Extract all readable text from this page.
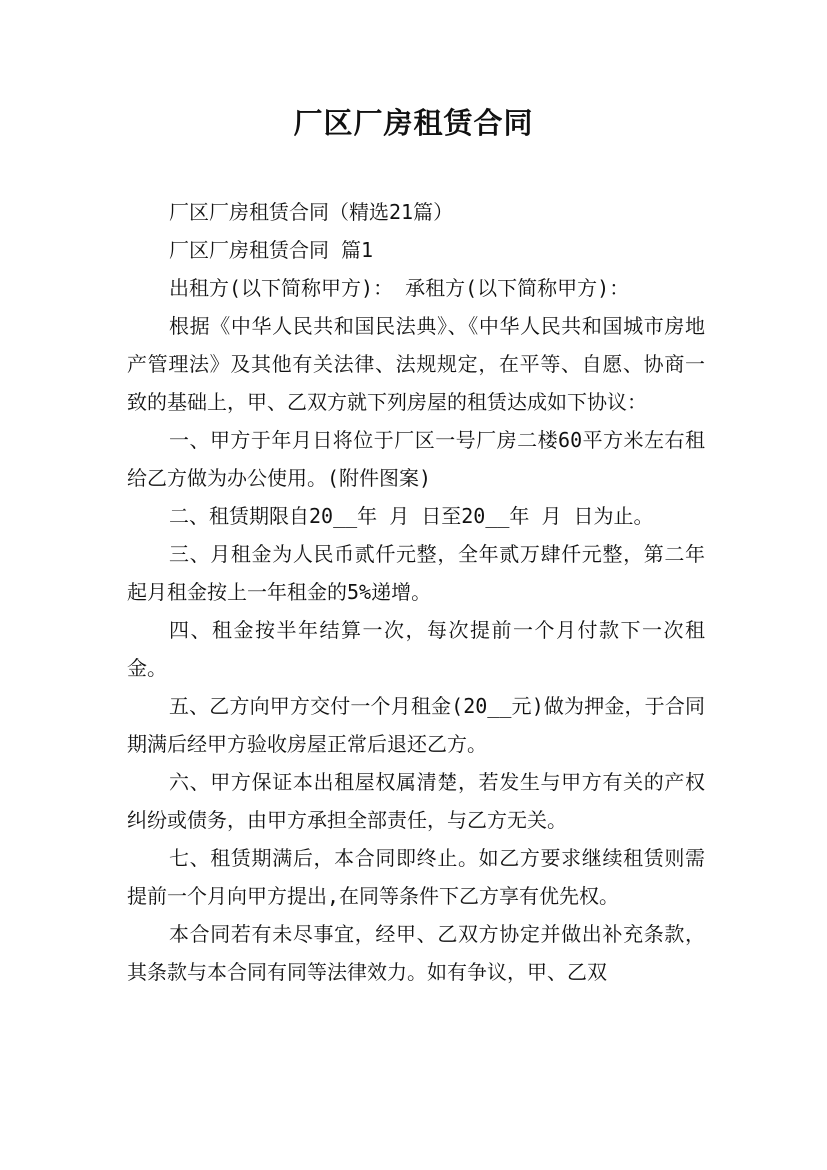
厂区厂房租赁合同

厂区厂房租赁合同（精选21篇）

厂区厂房租赁合同 篇1

出租方(以下简称甲方)： 承租方(以下简称甲方)：

根据《中华人民共和国民法典》、《中华人民共和国城市房地产管理法》及其他有关法律、法规规定，在平等、自愿、协商一致的基础上，甲、乙双方就下列房屋的租赁达成如下协议：

一、甲方于年月日将位于厂区一号厂房二楼60平方米左右租给乙方做为办公使用。(附件图案)

二、租赁期限自20__年 月 日至20__年 月 日为止。

三、月租金为人民币贰仟元整，全年贰万肆仟元整，第二年起月租金按上一年租金的5%递增。

四、租金按半年结算一次，每次提前一个月付款下一次租金。

五、乙方向甲方交付一个月租金(20__元)做为押金，于合同期满后经甲方验收房屋正常后退还乙方。

六、甲方保证本出租屋权属清楚，若发生与甲方有关的产权纠纷或债务，由甲方承担全部责任，与乙方无关。

七、租赁期满后，本合同即终止。如乙方要求继续租赁则需提前一个月向甲方提出,在同等条件下乙方享有优先权。

本合同若有未尽事宜，经甲、乙双方协定并做出补充条款，其条款与本合同有同等法律效力。如有争议，甲、乙双
